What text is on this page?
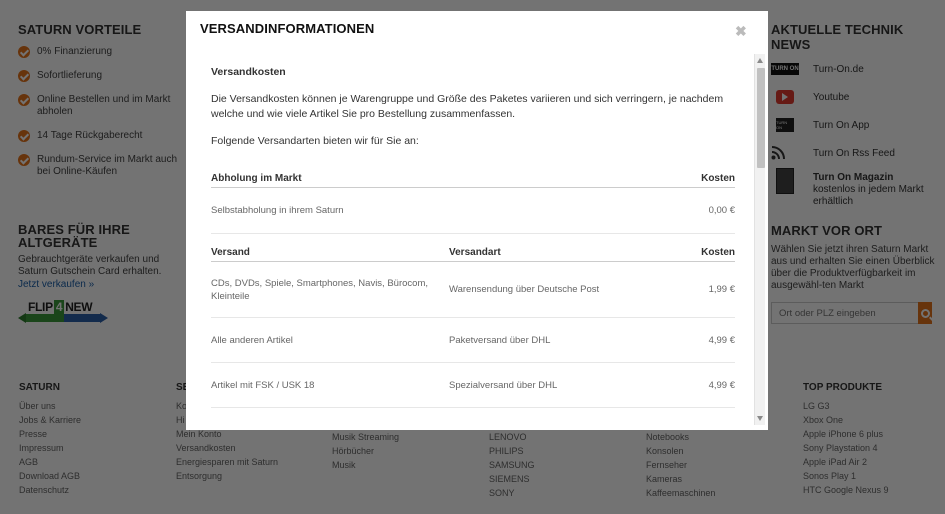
Ort oder PLZ eingeben
VERSANDINFORMATIONEN	✖
Versandkosten

Die Versandkosten können je Warengruppe und Größe des Paketes variieren und sich verringern, je nachdem welche und wie viele Artikel Sie pro Bestellung zusammenfassen.

Folgende Versandarten bieten wir für Sie an:

Abholung im Markt	Kosten
Selbstabholung in ihrem Saturn	0,00 €
Versand	Versandart	Kosten
CDs, DVDs, Spiele, Smartphones, Navis, Bürocom, Kleinteile	Warensendung über Deutsche Post	1,99 €
Alle anderen Artikel	Paketversand über DHL	4,99 €
Artikel mit FSK / USK 18	Spezialversand über DHL	4,99 €
